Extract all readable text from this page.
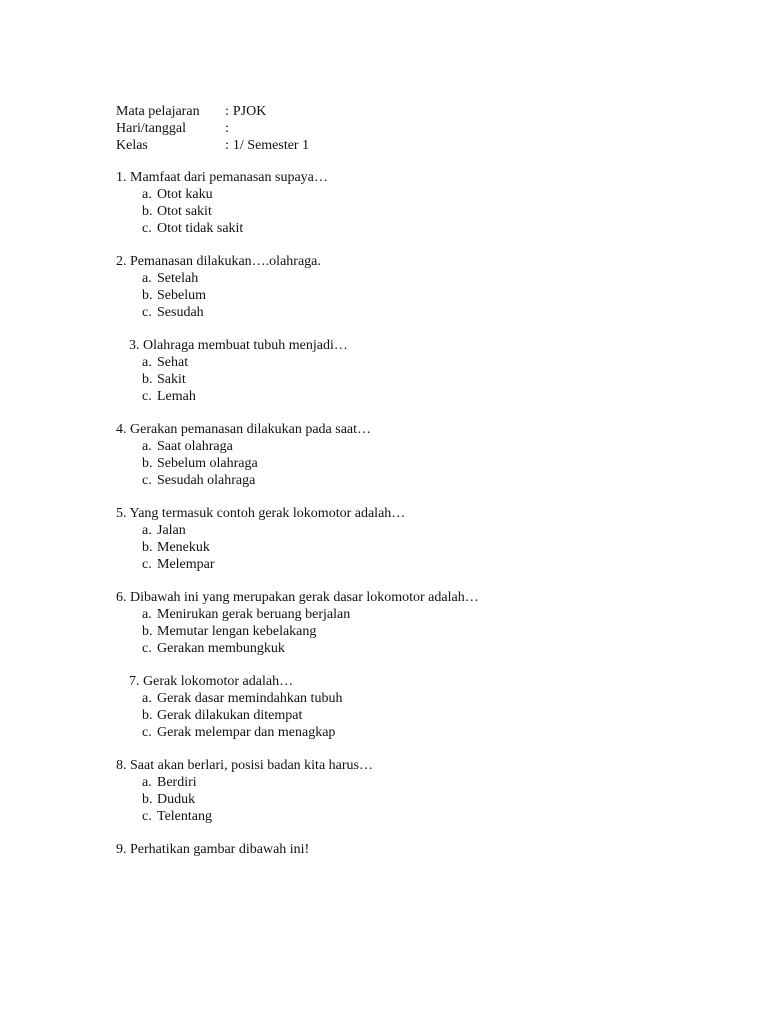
Mata pelajaran	: PJOK
Hari/tanggal	:
Kelas	: 1/ Semester 1
1. Mamfaat dari pemanasan supaya…
a. Otot kaku
b. Otot sakit
c. Otot tidak sakit
2. Pemanasan dilakukan….olahraga.
a. Setelah
b. Sebelum
c. Sesudah
3. Olahraga membuat tubuh menjadi…
a. Sehat
b. Sakit
c. Lemah
4. Gerakan pemanasan dilakukan pada saat…
a. Saat olahraga
b. Sebelum olahraga
c. Sesudah olahraga
5. Yang termasuk contoh gerak lokomotor adalah…
a. Jalan
b. Menekuk
c. Melempar
6. Dibawah ini yang merupakan gerak dasar lokomotor adalah…
a. Menirukan gerak beruang berjalan
b. Memutar lengan kebelakang
c. Gerakan membungkuk
7. Gerak lokomotor adalah…
a. Gerak dasar memindahkan tubuh
b. Gerak dilakukan ditempat
c. Gerak melempar dan menagkap
8. Saat akan berlari, posisi badan kita harus…
a. Berdiri
b. Duduk
c. Telentang
9. Perhatikan gambar dibawah ini!
